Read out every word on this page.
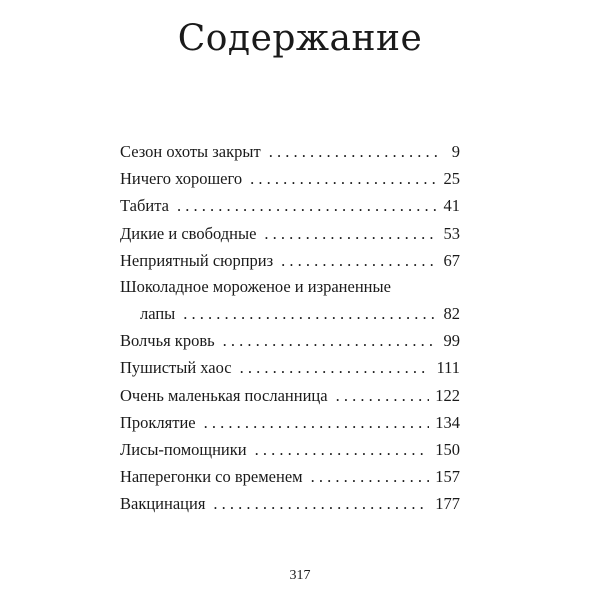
Содержание
Сезон охоты закрыт . . .	9
Ничего хорошего . . .	25
Табита . . .	41
Дикие и свободные . . .	53
Неприятный сюрприз . . .	67
Шоколадное мороженое и израненные
лапы . . .	82
Волчья кровь . . .	99
Пушистый хаос . . .	111
Очень маленькая посланница . . .	122
Проклятие . . .	134
Лисы-помощники . . .	150
Наперегонки со временем . . .	157
Вакцинация . . .	177
317
